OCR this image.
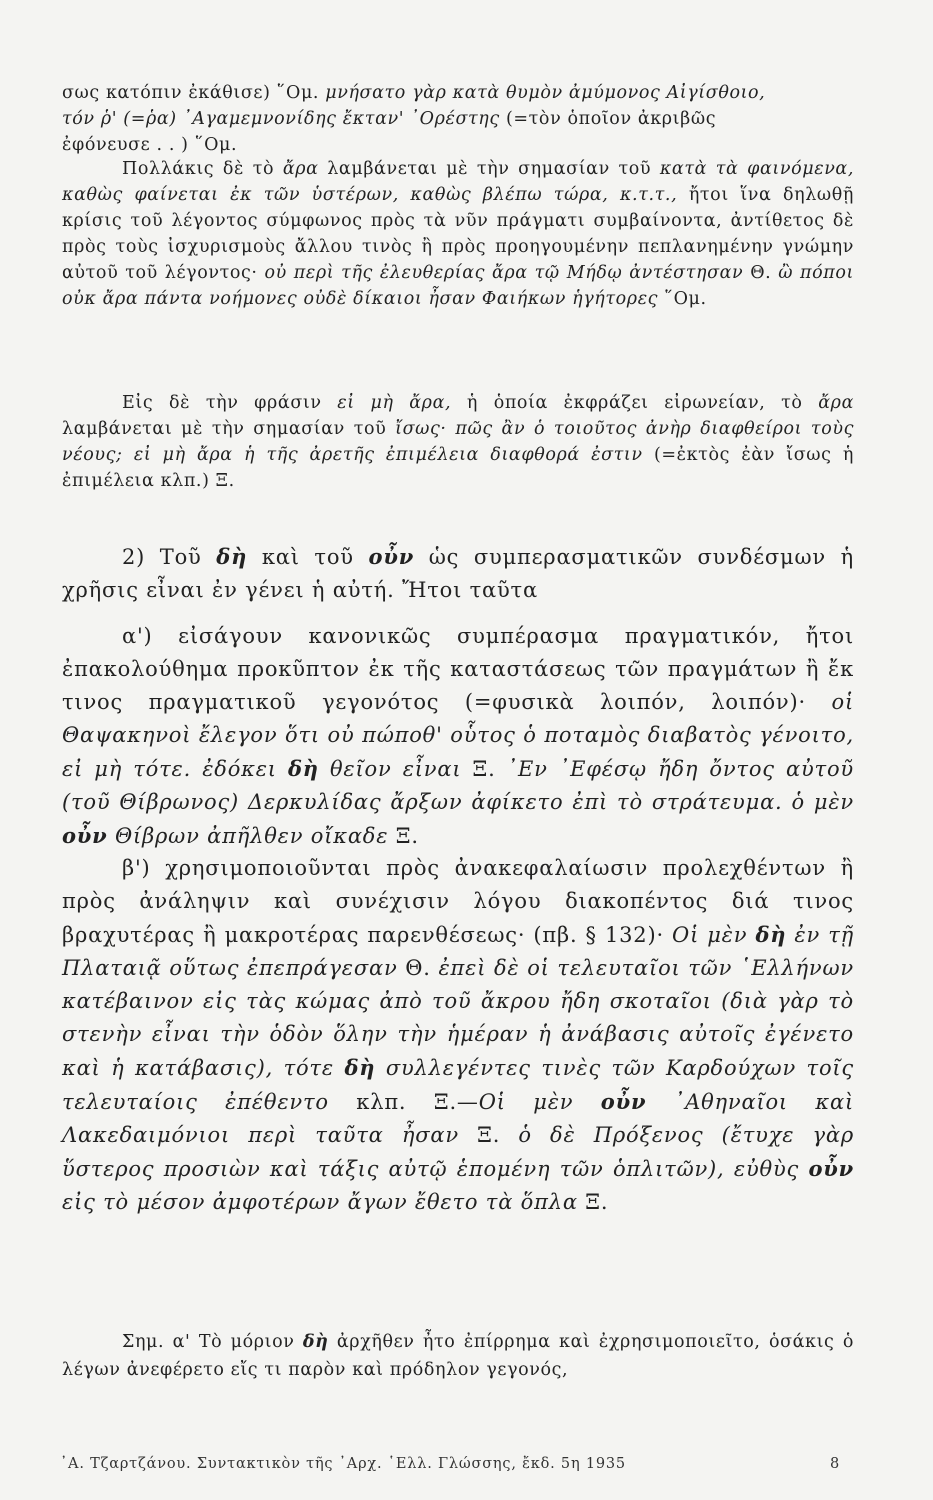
σως κατόπιν ἐκάθισε) ῞Ομ. μνήσατο γὰρ κατὰ θυμὸν ἀμύμονος Αἰγίσθοιο,

τόν ῥ' (=ῥα) ᾿Αγαμεμνονίδης ἔκταν' ᾿Ορέστης (=τὸν ὁποῖον ἀκριβῶς

ἐφόνευσε . . ) ῞Ομ.

Πολλάκις δὲ τὸ ἄρα λαμβάνεται μὲ τὴν σημασίαν τοῦ κατὰ τὰ φαινόμενα, καθὼς φαίνεται ἐκ τῶν ὑστέρων, καθὼς βλέπω τώρα, κ.τ.τ., ἤτοι ἵνα δηλωθῇ κρίσις τοῦ λέγοντος σύμφωνος πρὸς τὰ νῦν πράγματι συμβαίνοντα, ἀντίθετος δὲ πρὸς τοὺς ἰσχυρισμοὺς ἄλλου τινὸς ἢ πρὸς προηγουμένην πεπλανημένην γνώμην αὐτοῦ τοῦ λέγοντος· οὐ περὶ τῆς ἐλευθερίας ἄρα τῷ Μήδῳ ἀντέστησαν Θ. ὢ πόποι οὐκ ἄρα πάντα νοήμονες οὐδὲ δίκαιοι ἦσαν Φαιήκων ἡγήτορες ῞Ομ.

Εἰς δὲ τὴν φράσιν εἰ μὴ ἄρα, ἡ ὁποία ἐκφράζει εἰρωνείαν, τὸ ἄρα λαμβάνεται μὲ τὴν σημασίαν τοῦ ἴσως· πῶς ἂν ὁ τοιοῦτος ἀνὴρ διαφθείροι τοὺς νέους; εἰ μὴ ἄρα ἡ τῆς ἀρετῆς ἐπιμέλεια διαφθορά ἐστιν (=ἐκτὸς ἐὰν ἴσως ἡ ἐπιμέλεια κλπ.) Ξ.

2) Τοῦ δὴ καὶ τοῦ οὖν ὡς συμπερασματικῶν συνδέσμων ἡ χρῆσις εἶναι ἐν γένει ἡ αὐτή. Ἤτοι ταῦτα

α') εἰσάγουν κανονικῶς συμπέρασμα πραγματικόν, ἤτοι ἐπακολούθημα προκῦπτον ἐκ τῆς καταστάσεως τῶν πραγμάτων ἢ ἔκ τινος πραγματικοῦ γεγονότος (=φυσικὰ λοιπόν, λοιπόν)· οἱ Θαψακηνοὶ ἔλεγον ὅτι οὐ πώποθ' οὗτος ὁ ποταμὸς διαβατὸς γένοιτο, εἰ μὴ τότε. ἐδόκει δὴ θεῖον εἶναι Ξ. ᾿Εν ᾿Εφέσῳ ἤδη ὄντος αὐτοῦ (τοῦ Θίβρωνος) Δερκυλίδας ἄρξων ἀφίκετο ἐπὶ τὸ στράτευμα. ὁ μὲν οὖν Θίβρων ἀπῆλθεν οἴκαδε Ξ.

β') χρησιμοποιοῦνται πρὸς ἀνακεφαλαίωσιν προλεχθέντων ἢ πρὸς ἀνάληψιν καὶ συνέχισιν λόγου διακοπέντος διά τινος βραχυτέρας ἢ μακροτέρας παρενθέσεως· (πβ. § 132)· Οἱ μὲν δὴ ἐν τῇ Πλαταιᾷ οὕτως ἐπεπράγεσαν Θ. ἐπεὶ δὲ οἱ τελευταῖοι τῶν ῾Ελλήνων κατέβαινον εἰς τὰς κώμας ἀπὸ τοῦ ἄκρου ἤδη σκοταῖοι (διὰ γὰρ τὸ στενὴν εἶναι τὴν ὁδὸν ὅλην τὴν ἡμέραν ἡ ἀνάβασις αὐτοῖς ἐγένετο καὶ ἡ κατάβασις), τότε δὴ συλλεγέντες τινὲς τῶν Καρδούχων τοῖς τελευταίοις ἐπέθεντο κλπ. Ξ.—Οἱ μὲν οὖν ᾿Αθηναῖοι καὶ Λακεδαιμόνιοι περὶ ταῦτα ἦσαν Ξ. ὁ δὲ Πρόξενος (ἔτυχε γὰρ ὕστερος προσιὼν καὶ τάξις αὐτῷ ἑπομένη τῶν ὁπλιτῶν), εὐθὺς οὖν εἰς τὸ μέσον ἀμφοτέρων ἄγων ἔθετο τὰ ὅπλα Ξ.

Σημ. α' Τὸ μόριον δὴ ἀρχῆθεν ἦτο ἐπίρρημα καὶ ἐχρησιμοποιεῖτο, ὁσάκις ὁ λέγων ἀνεφέρετο εἴς τι παρὸν καὶ πρόδηλον γεγονός,

᾿Α. Τζαρτζάνου. Συντακτικὸν τῆς ᾿Αρχ. ῾Ελλ. Γλώσσης, ἔκδ. 5η 1935	8
